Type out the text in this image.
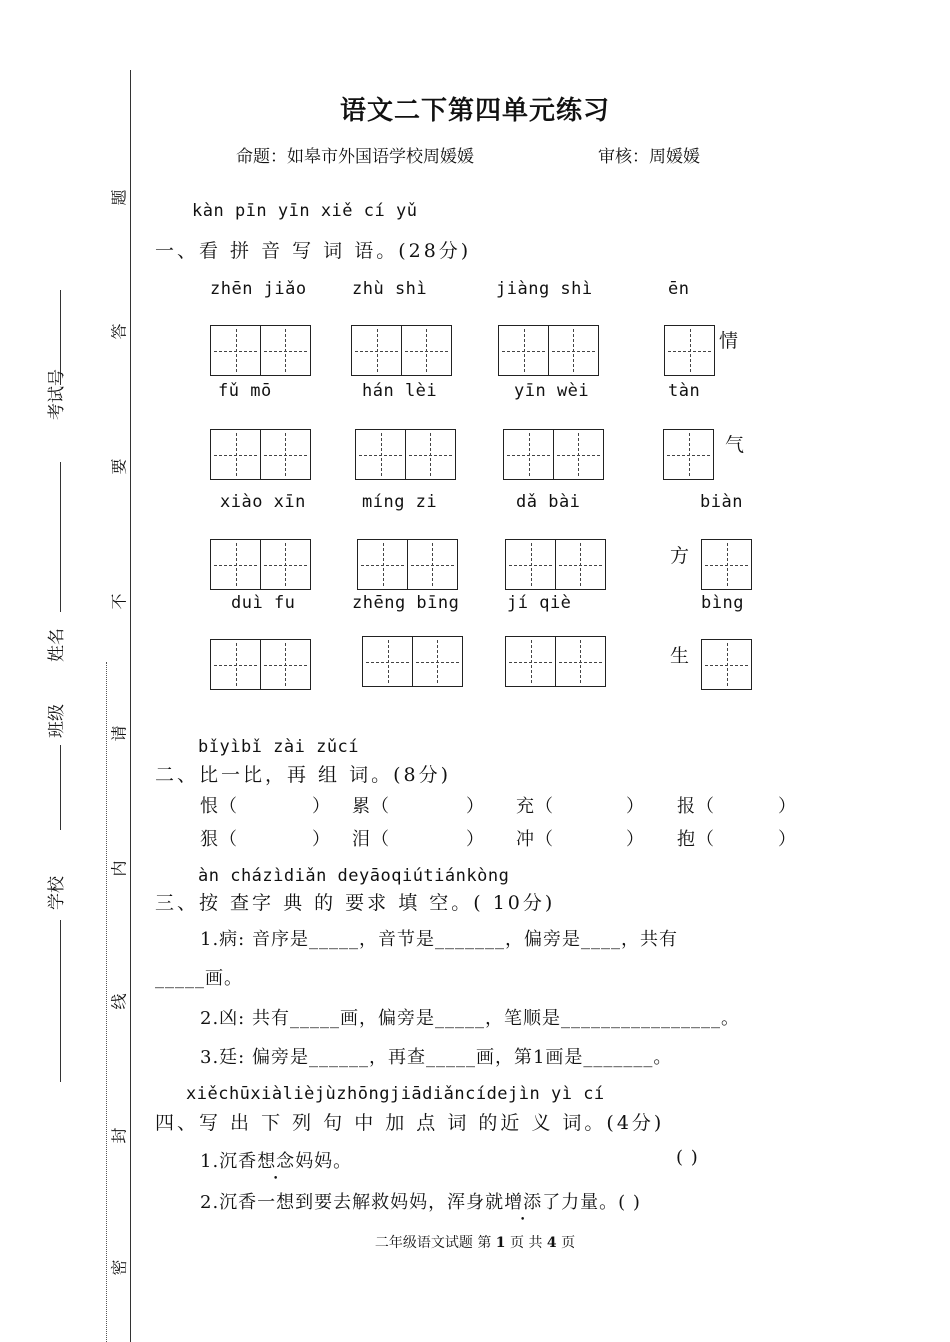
题
答
要
不
请
内
线
封
密
考试号
姓名
班级
学校
语文二下第四单元练习
命题：如皋市外国语学校周媛媛	审核：周媛媛
kàn pīn yīn xiě cí yǔ
一、看 拼 音 写 词 语。(28分)
zhēn jiǎo	zhù shì	jiàng shì	ēn
情
fǔ mō	hán lèi	yīn wèi	tàn
气
xiào xīn	míng zi	dǎ bài	biàn
方
duì fu	zhēng bīng	jí qiè	bìng
生
bǐyìbǐ zài zǔcí
二、比一比，再 组 词。(8分)
恨（	） 累（	） 充（	） 报（	）
狠（	） 泪（	） 冲（	） 抱（	）
àn cházìdiǎn deyāoqiútiánkòng
三、按 查字 典 的 要求 填 空。( 10分)
1.病: 音序是_____，音节是_______，偏旁是____，共有
_____画。
2.凶: 共有_____画，偏旁是_____，笔顺是________________。
3.廷: 偏旁是______，再查_____画，第1画是_______。
xiěchūxiàlièjùzhōngjiādiǎncídejìn yì cí
四、写 出 下 列 句 中 加 点 词 的近 义 词。(4分)
1.沉香想念妈妈。	( )
2.沉香一想到要去解救妈妈，浑身就增添了力量。( )
二年级语文试题 第 1 页 共 4 页
